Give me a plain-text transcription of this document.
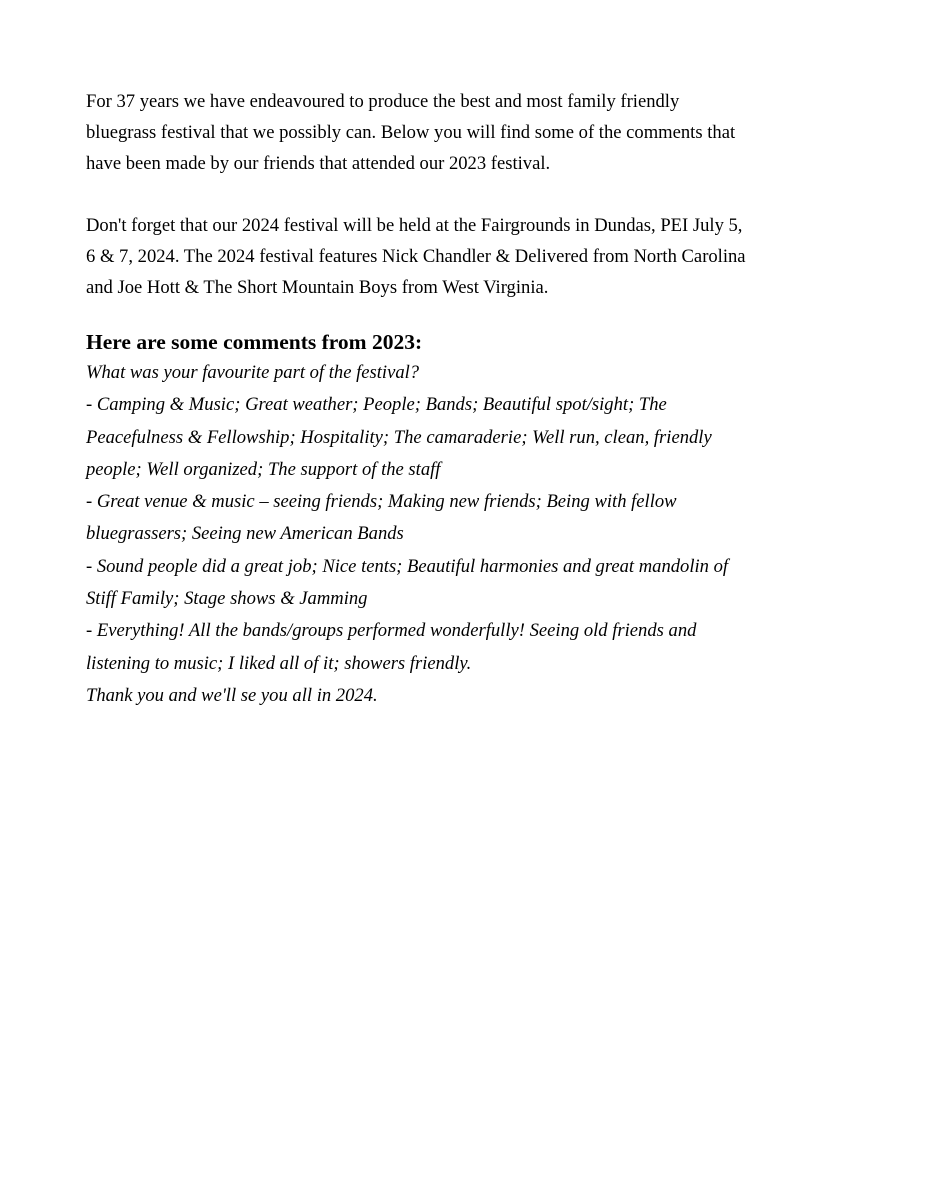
For 37 years we have endeavoured to produce the best and most family friendly
bluegrass festival that we possibly can. Below you will find some of the comments that
have been made by our friends that attended our 2023 festival.

Don't forget that our 2024 festival will be held at the Fairgrounds in Dundas, PEI July 5,
6 & 7, 2024. The 2024 festival features Nick Chandler & Delivered from North Carolina
and Joe Hott & The Short Mountain Boys from West Virginia.

Here are some comments from 2023:

What was your favourite part of the festival?
- Camping & Music; Great weather; People; Bands; Beautiful spot/sight; The
Peacefulness & Fellowship; Hospitality; The camaraderie; Well run, clean, friendly
people; Well organized; The support of the staff
- Great venue & music – seeing friends; Making new friends; Being with fellow
bluegrassers; Seeing new American Bands
- Sound people did a great job; Nice tents; Beautiful harmonies and great mandolin of
Stiff Family; Stage shows & Jamming
- Everything! All the bands/groups performed wonderfully! Seeing old friends and
listening to music; I liked all of it; showers friendly.
Thank you and we'll se you all in 2024.
